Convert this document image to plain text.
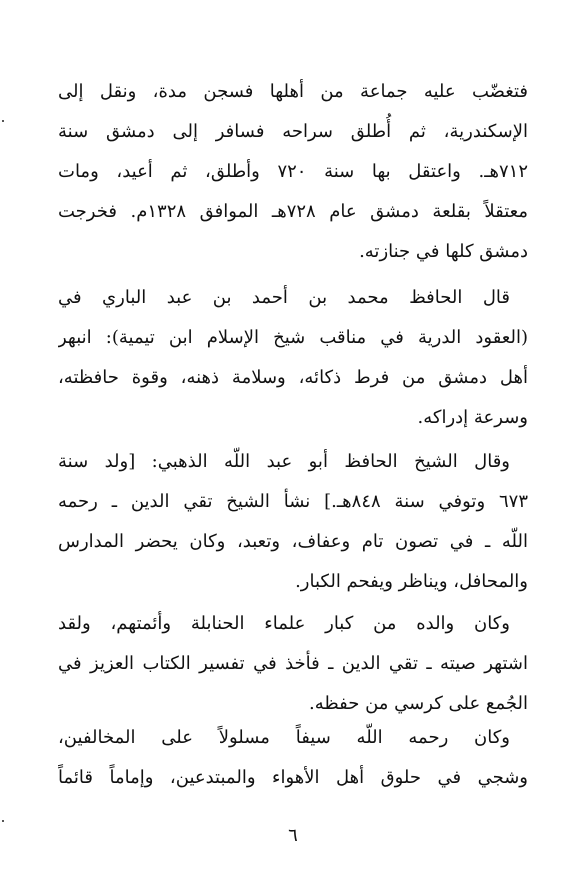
فتغضّب عليه جماعة من أهلها فسجن مدة، ونقل إلى
الإسكندرية، ثم أُطلق سراحه فسافر إلى دمشق سنة
٧١٢هـ. واعتقل بها سنة ٧٢٠ وأطلق، ثم أعيد، ومات
معتقلاً بقلعة دمشق عام ٧٢٨هـ الموافق ١٣٢٨م. فخرجت
دمشق كلها في جنازته.
قال الحافظ محمد بن أحمد بن عبد الباري في
(العقود الدرية في مناقب شيخ الإسلام ابن تيمية): انبهر
أهل دمشق من فرط ذكائه، وسلامة ذهنه، وقوة حافظته،
وسرعة إدراكه.
وقال الشيخ الحافظ أبو عبد اللّه الذهبي: [ولد سنة
٦٧٣ وتوفي سنة ٨٤٨هـ.] نشأ الشيخ تقي الدين ـ رحمه
اللّه ـ في تصون تام وعفاف، وتعبد، وكان يحضر المدارس
والمحافل، ويناظر ويفحم الكبار.
وكان والده من كبار علماء الحنابلة وأئمتهم، ولقد
اشتهر صيته ـ تقي الدين ـ فأخذ في تفسير الكتاب العزيز في
الجُمع على كرسي من حفظه.
وكان رحمه اللّه سيفاً مسلولاً على المخالفين،
وشجي في حلوق أهل الأهواء والمبتدعين، وإماماً قائماً
٦
